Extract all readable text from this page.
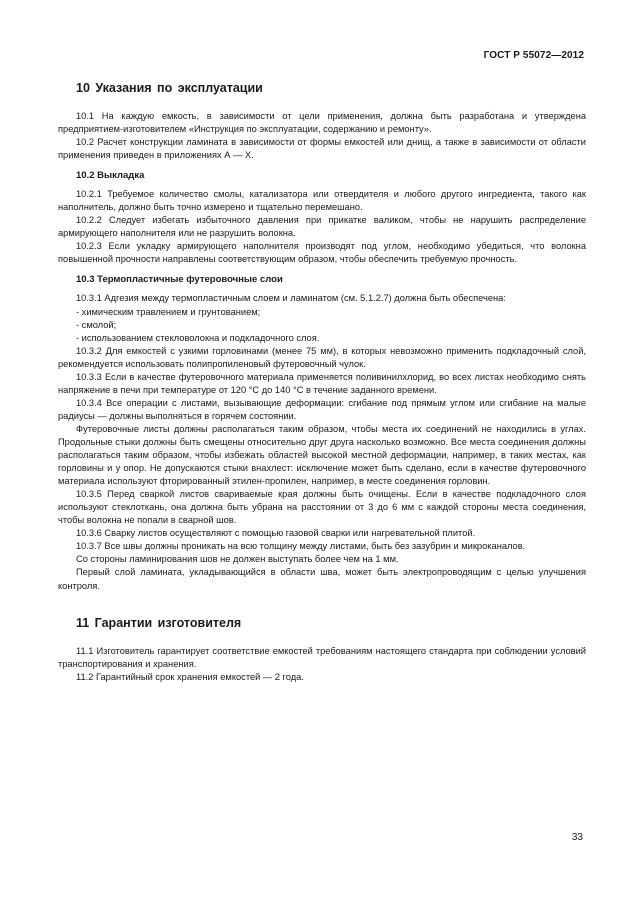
ГОСТ Р 55072—2012
10 Указания по эксплуатации

10.1 На каждую емкость, в зависимости от цели применения, должна быть разработана и утверждена предприятием-изготовителем «Инструкция по эксплуатации, содержанию и ремонту».

10.2 Расчет конструкции ламината в зависимости от формы емкостей или днищ, а также в зависимости от области применения приведен в приложениях А — X.

10.2 Выкладка

10.2.1 Требуемое количество смолы, катализатора или отвердителя и любого другого ингредиента, такого как наполнитель, должно быть точно измерено и тщательно перемешано.

10.2.2 Следует избегать избыточного давления при прикатке валиком, чтобы не нарушить распределение армирующего наполнителя или не разрушить волокна.

10.2.3 Если укладку армирующего наполнителя производят под углом, необходимо убедиться, что волокна повышенной прочности направлены соответствующим образом, чтобы обеспечить требуемую прочность.

10.3 Термопластичные футеровочные слои

10.3.1 Адгезия между термопластичным слоем и ламинатом (см. 5.1.2.7) должна быть обеспечена:

- химическим травлением и грунтованием;

- смолой;

- использованием стекловолокна и подкладочного слоя.

10.3.2 Для емкостей с узкими горловинами (менее 75 мм), в которых невозможно применить подкладочный слой, рекомендуется использовать полипропиленовый футеровочный чулок.

10.3.3 Если в качестве футеровочного материала применяется поливинилхлорид, во всех листах необходимо снять напряжение в печи при температуре от 120 °С до 140 °С в течение заданного времени.

10.3.4 Все операции с листами, вызывающие деформации: сгибание под прямым углом или сгибание на малые радиусы — должны выполняться в горячем состоянии.

Футеровочные листы должны располагаться таким образом, чтобы места их соединений не находились в углах. Продольные стыки должны быть смещены относительно друг друга насколько возможно. Все места соединения должны располагаться таким образом, чтобы избежать областей высокой местной деформации, например, в таких местах, как горловины и у опор. Не допускаются стыки внахлест: исключение может быть сделано, если в качестве футеровочного материала используют фторированный этилен-пропилен, например, в месте соединения горловин.

10.3.5 Перед сваркой листов свариваемые края должны быть очищены. Если в качестве подкладочного слоя используют стеклоткань, она должна быть убрана на расстоянии от 3 до 6 мм с каждой стороны места соединения, чтобы волокна не попали в сварной шов.

10.3.6 Сварку листов осуществляют с помощью газовой сварки или нагревательной плитой.

10.3.7 Все швы должны проникать на всю толщину между листами, быть без зазубрин и микроканалов.

Со стороны ламинирования шов не должен выступать более чем на 1 мм.

Первый слой ламината, укладывающийся в области шва, может быть электропроводящим с целью улучшения контроля.

11 Гарантии изготовителя

11.1 Изготовитель гарантирует соответствие емкостей требованиям настоящего стандарта при соблюдении условий транспортирования и хранения.

11.2 Гарантийный срок хранения емкостей — 2 года.

33
